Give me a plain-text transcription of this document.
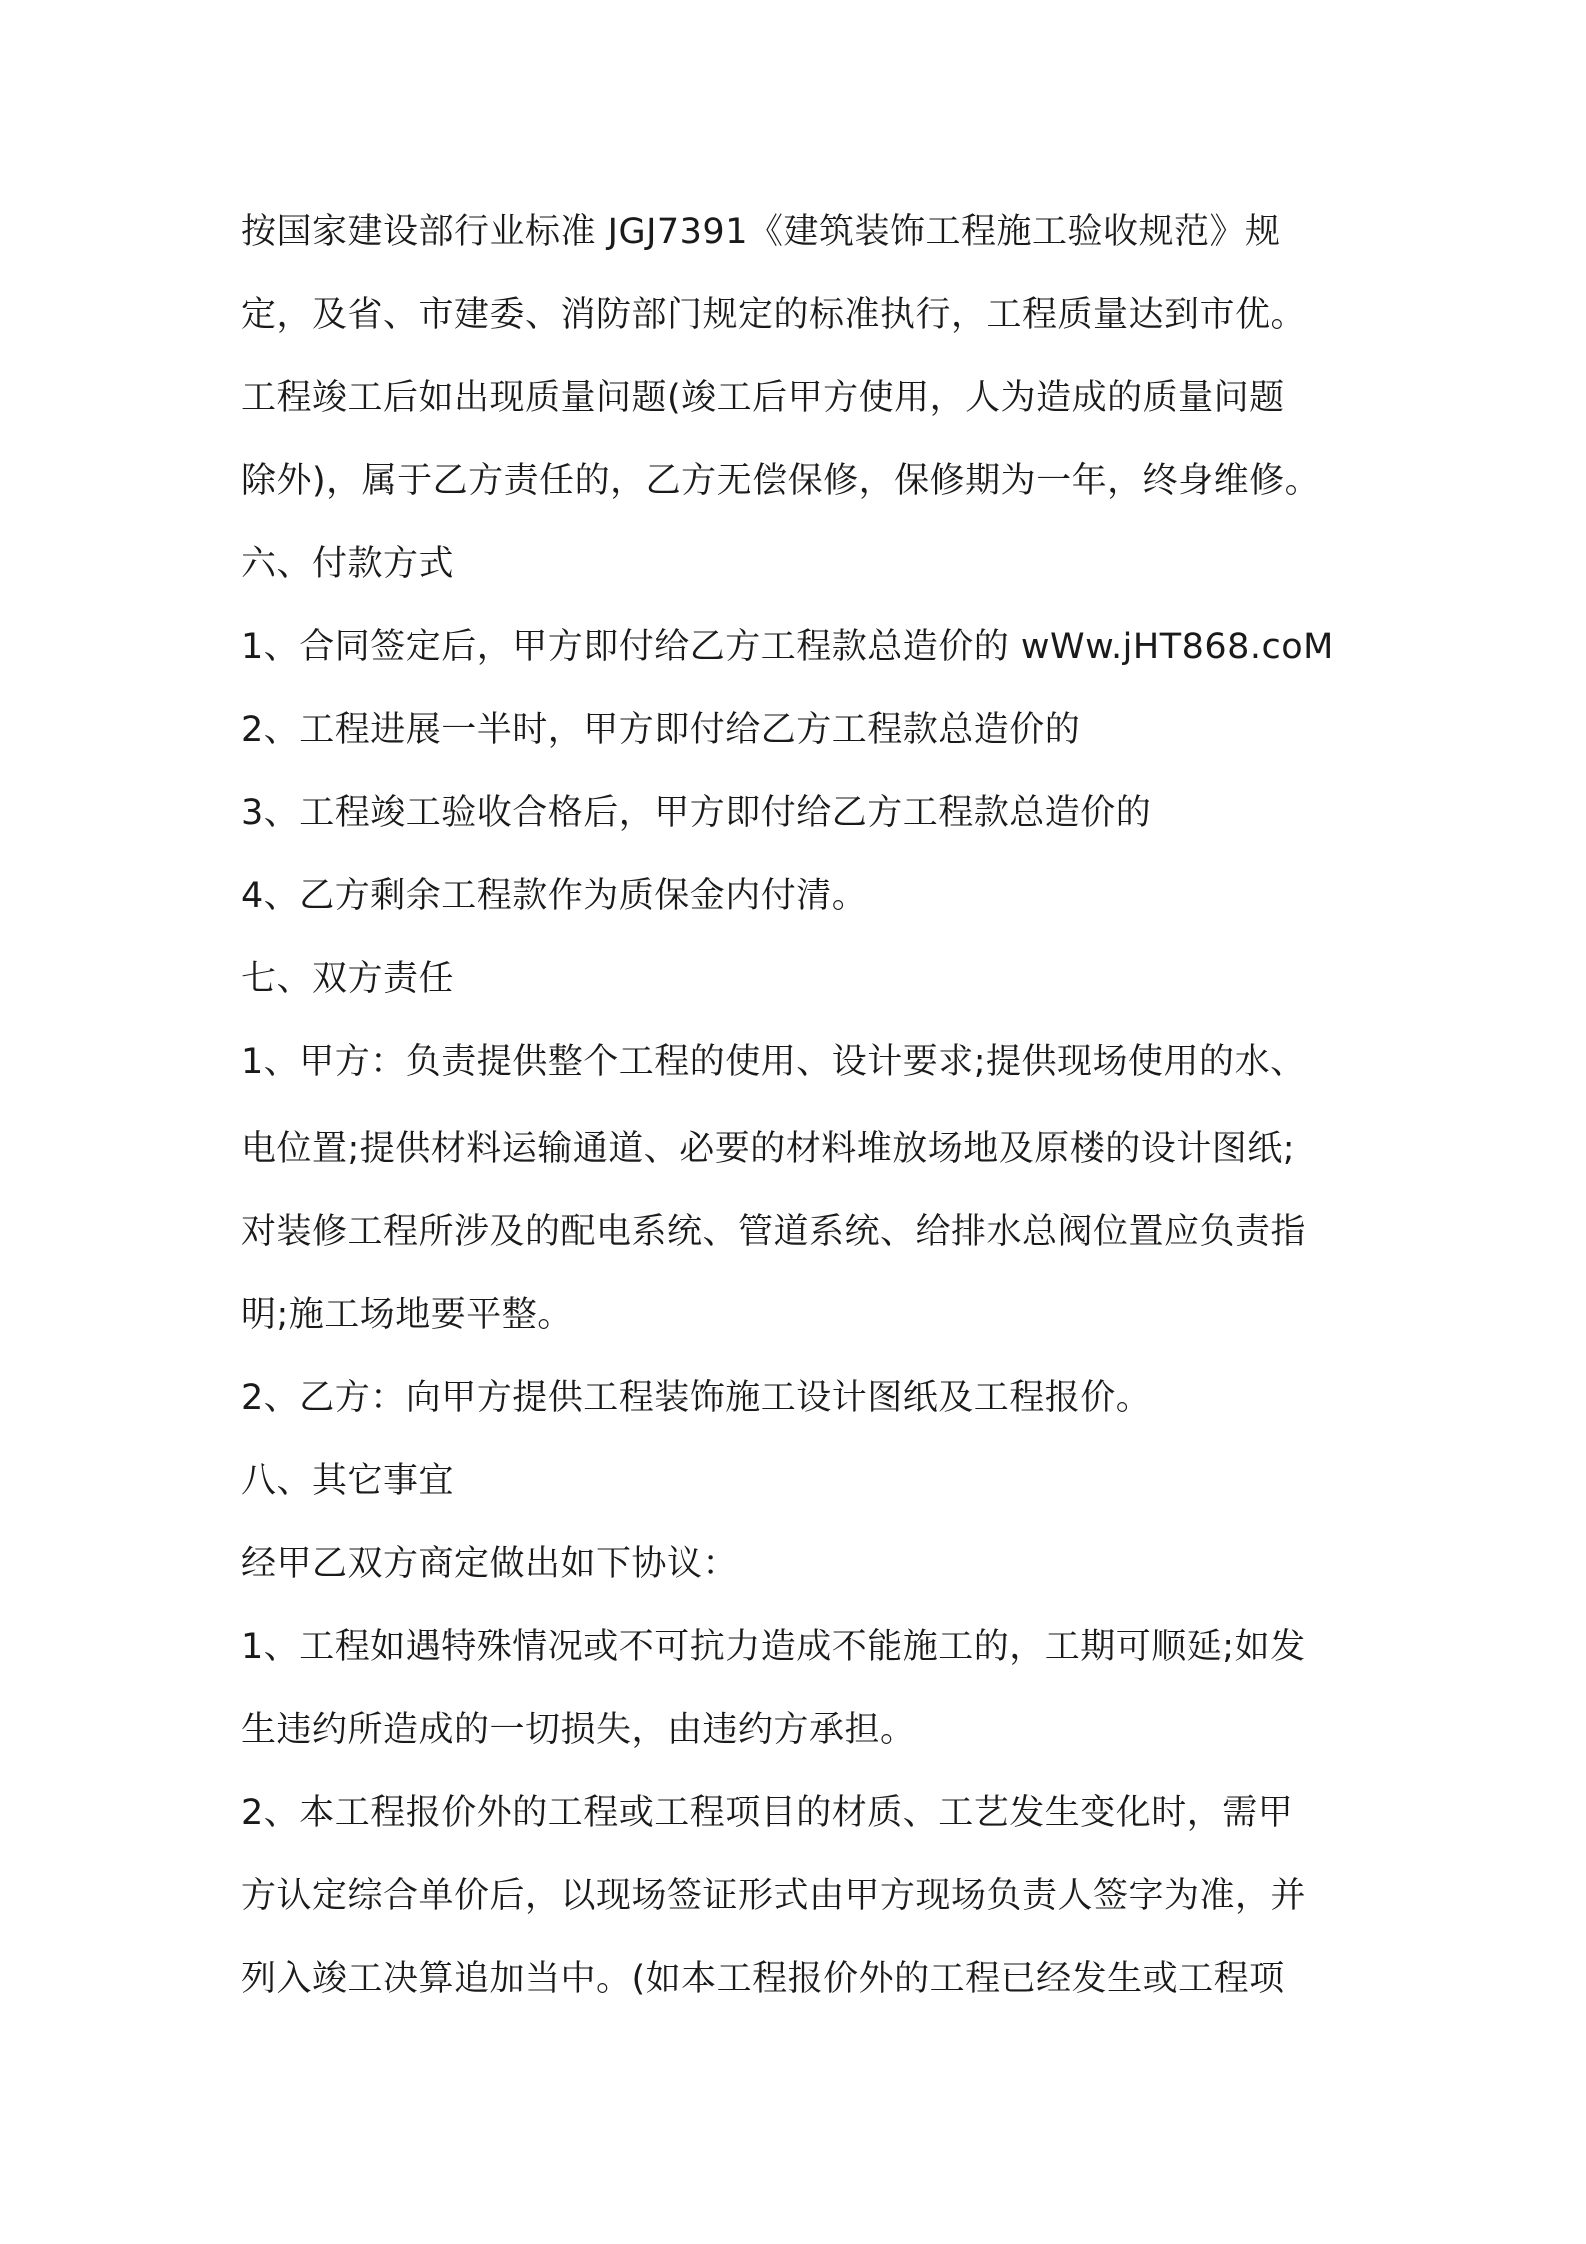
按国家建设部行业标准 JGJ7391《建筑装饰工程施工验收规范》规

定，及省、市建委、消防部门规定的标准执行，工程质量达到市优。

工程竣工后如出现质量问题(竣工后甲方使用，人为造成的质量问题

除外)，属于乙方责任的，乙方无偿保修，保修期为一年，终身维修。

六、付款方式

1、合同签定后，甲方即付给乙方工程款总造价的 wWw.jHT868.coM

2、工程进展一半时，甲方即付给乙方工程款总造价的

3、工程竣工验收合格后，甲方即付给乙方工程款总造价的

4、乙方剩余工程款作为质保金内付清。

七、双方责任

1、甲方：负责提供整个工程的使用、设计要求;提供现场使用的水、

电位置;提供材料运输通道、必要的材料堆放场地及原楼的设计图纸;

对装修工程所涉及的配电系统、管道系统、给排水总阀位置应负责指

明;施工场地要平整。

2、乙方：向甲方提供工程装饰施工设计图纸及工程报价。

八、其它事宜

经甲乙双方商定做出如下协议：

1、工程如遇特殊情况或不可抗力造成不能施工的，工期可顺延;如发

生违约所造成的一切损失，由违约方承担。

2、本工程报价外的工程或工程项目的材质、工艺发生变化时，需甲

方认定综合单价后，以现场签证形式由甲方现场负责人签字为准，并

列入竣工决算追加当中。(如本工程报价外的工程已经发生或工程项
